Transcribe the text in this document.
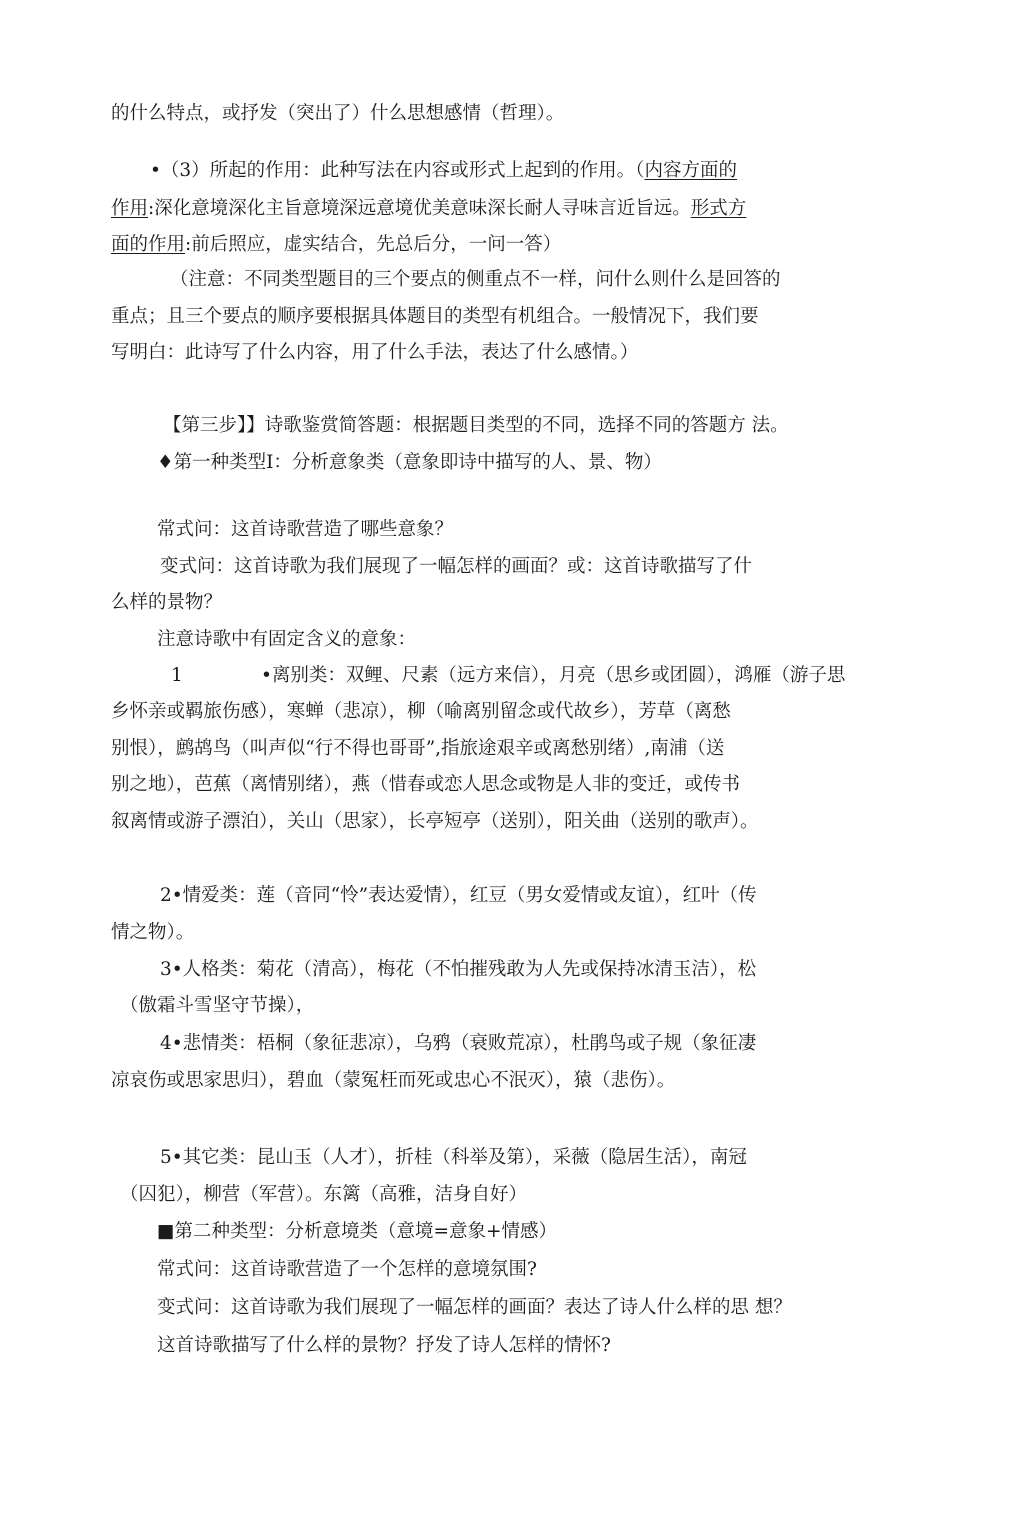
的什么特点，或抒发（突出了）什么思想感情（哲理）。
•（3）所起的作用：此种写法在内容或形式上起到的作用。（内容方面的
作用:深化意境深化主旨意境深远意境优美意味深长耐人寻味言近旨远。形式方
面的作用:前后照应，虚实结合，先总后分，一问一答）
（注意：不同类型题目的三个要点的侧重点不一样，问什么则什么是回答的
重点；且三个要点的顺序要根据具体题目的类型有机组合。一般情况下，我们要
写明白：此诗写了什么内容，用了什么手法，表达了什么感情。）
【第三步】】诗歌鉴赏简答题：根据题目类型的不同，选择不同的答题方 法。
♦第一种类型I：分析意象类（意象即诗中描写的人、景、物）
常式问：这首诗歌营造了哪些意象？
变式问：这首诗歌为我们展现了一幅怎样的画面？或：这首诗歌描写了什
么样的景物？
注意诗歌中有固定含义的意象：
1	•离别类：双鲤、尺素（远方来信），月亮（思乡或团圆），鸿雁（游子思
乡怀亲或羁旅伤感），寒蝉（悲凉），柳（喻离别留念或代故乡），芳草（离愁
别恨），鹧鸪鸟（叫声似“行不得也哥哥”,指旅途艰辛或离愁别绪）,南浦（送
别之地），芭蕉（离情别绪），燕（惜春或恋人思念或物是人非的变迁，或传书
叙离情或游子漂泊），关山（思家），长亭短亭（送别），阳关曲（送别的歌声）。
2•情爱类：莲（音同“怜”表达爱情），红豆（男女爱情或友谊），红叶（传
情之物）。
3•人格类：菊花（清高），梅花（不怕摧残敢为人先或保持冰清玉洁），松
（傲霜斗雪坚守节操），
4•悲情类：梧桐（象征悲凉），乌鸦（衰败荒凉），杜鹃鸟或子规（象征凄
凉哀伤或思家思归），碧血（蒙冤枉而死或忠心不泯灭），猿（悲伤）。
5•其它类：昆山玉（人才），折桂（科举及第），采薇（隐居生活），南冠
（囚犯），柳营（军营）。东篱（高雅，洁身自好）
■第二种类型：分析意境类（意境=意象+情感）
常式问：这首诗歌营造了一个怎样的意境氛围?
变式问：这首诗歌为我们展现了一幅怎样的画面？表达了诗人什么样的思 想？
这首诗歌描写了什么样的景物？抒发了诗人怎样的情怀?
